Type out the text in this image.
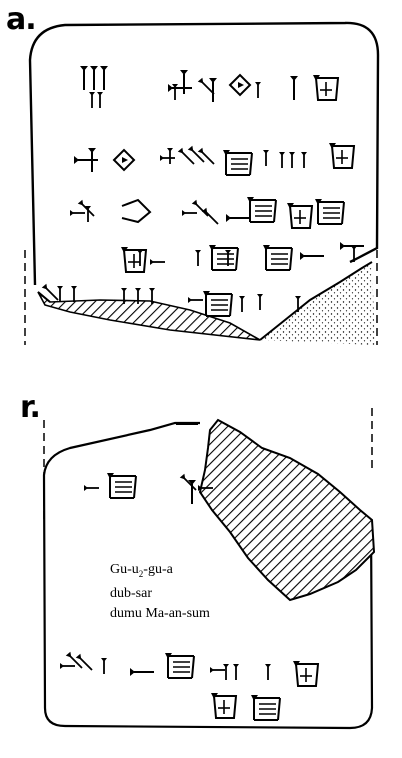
a.
r.
$Gu-u_2-gu-a$
dub-sar
dumu Ma-an-sum
